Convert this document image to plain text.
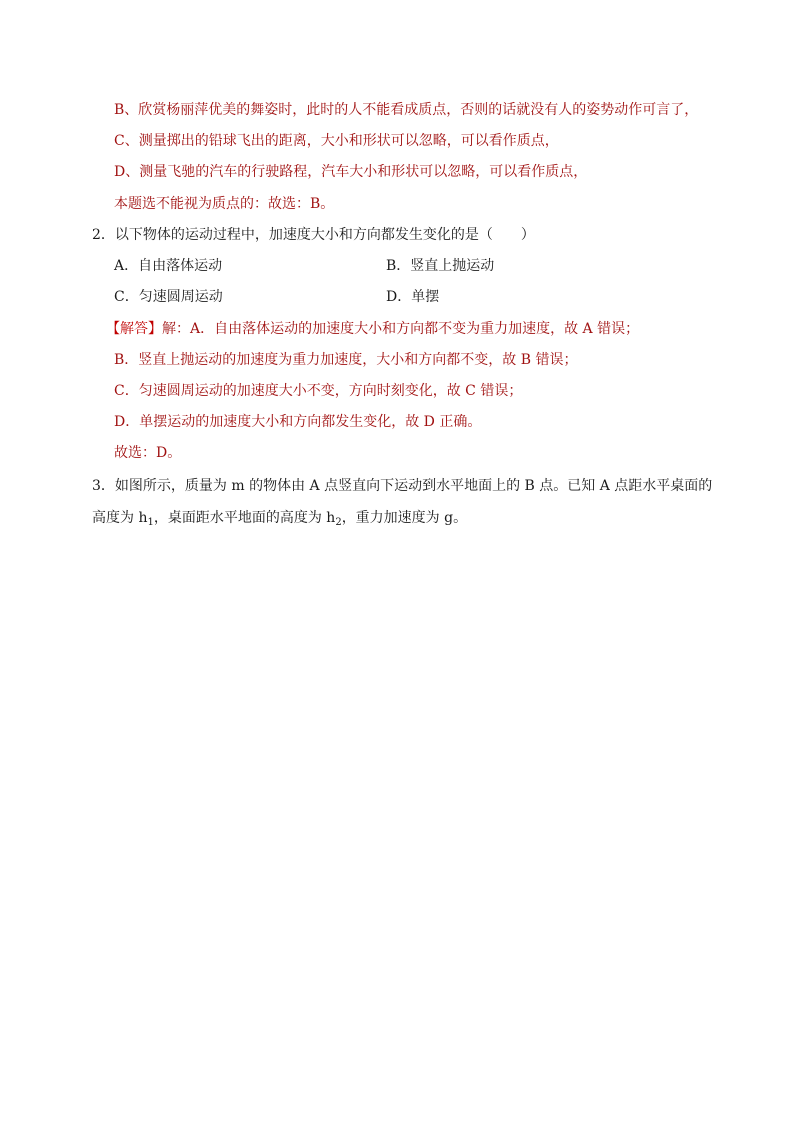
B、欣赏杨丽萍优美的舞姿时，此时的人不能看成质点，否则的话就没有人的姿势动作可言了，
C、测量掷出的铅球飞出的距离，大小和形状可以忽略，可以看作质点，
D、测量飞驰的汽车的行驶路程，汽车大小和形状可以忽略，可以看作质点，
本题选不能视为质点的：故选：B。
2．以下物体的运动过程中，加速度大小和方向都发生变化的是（　　）
A．自由落体运动	B．竖直上抛运动
C．匀速圆周运动	D．单摆
【解答】解：A．自由落体运动的加速度大小和方向都不变为重力加速度，故 A 错误；
B．竖直上抛运动的加速度为重力加速度，大小和方向都不变，故 B 错误；
C．匀速圆周运动的加速度大小不变，方向时刻变化，故 C 错误；
D．单摆运动的加速度大小和方向都发生变化，故 D 正确。
故选：D。
3．如图所示，质量为 m 的物体由 A 点竖直向下运动到水平地面上的 B 点。已知 A 点距水平桌面的
高度为 $h_1$，桌面距水平地面的高度为 $h_2$，重力加速度为 g。
